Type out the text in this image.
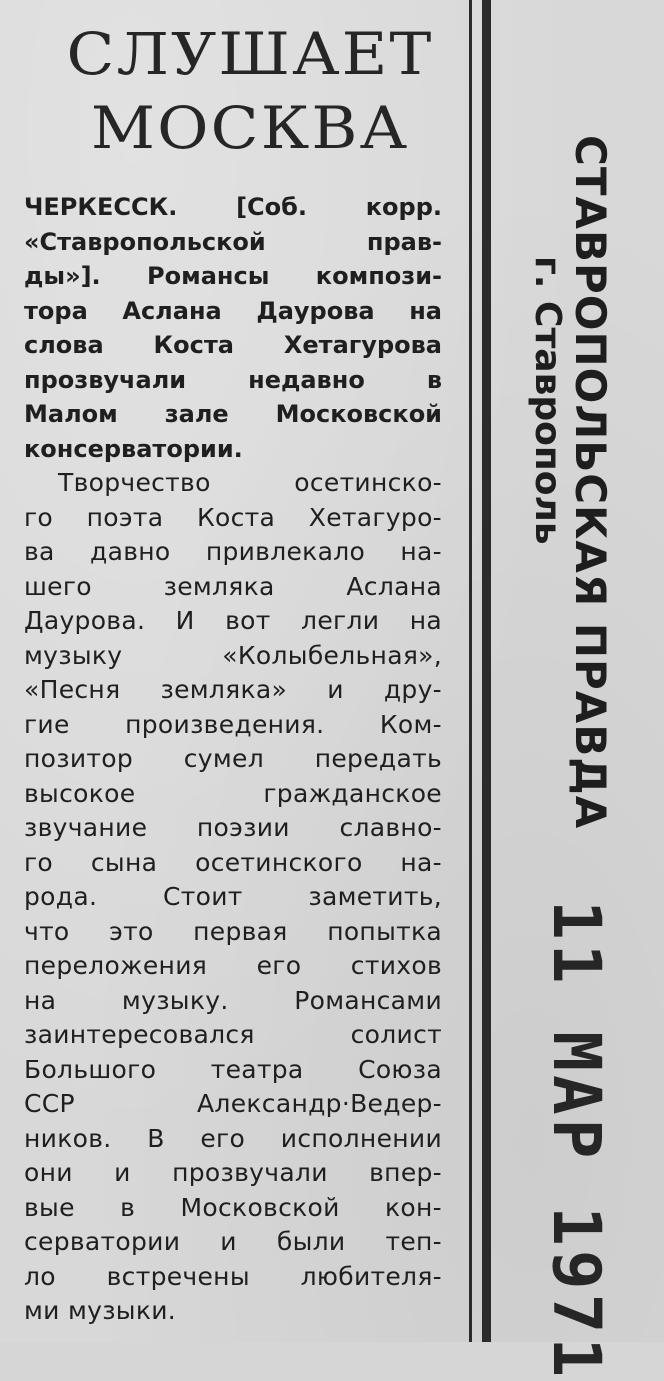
СЛУШАЕТ
МОСКВА
ЧЕРКЕССК. [Соб. корр.
«Ставропольской прав-
ды»]. Романсы компози-
тора Аслана Даурова на
слова Коста Хетагурова
прозвучали недавно в
Малом зале Московской
консерватории.
Творчество осетинско-
го поэта Коста Хетагуро-
ва давно привлекало на-
шего земляка Аслана
Даурова. И вот легли на
музыку «Колыбельная»,
«Песня земляка» и дру-
гие произведения. Ком-
позитор сумел передать
высокое гражданское
звучание поэзии славно-
го сына осетинского на-
рода. Стоит заметить,
что это первая попытка
переложения его стихов
на музыку. Романсами
заинтересовался солист
Большого театра Союза
ССР Александр·Ведер-
ников. В его исполнении
они и прозвучали впер-
вые в Московской кон-
серватории и были теп-
ло встречены любителя-
ми музыки.
СТАВРОПОЛЬСКАЯ ПРАВДА
г. Ставрополь
11 МАР 1971
